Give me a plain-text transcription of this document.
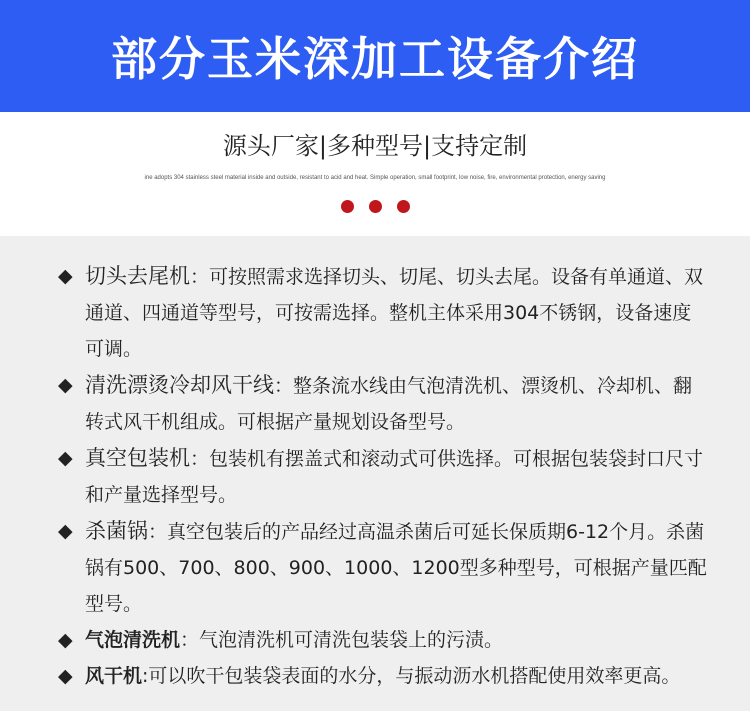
部分玉米深加工设备介绍
源头厂家|多种型号|支持定制
ine adopts 304 stainless steel material inside and outside, resistant to acid and heat. Simple operation, small footprint, low noise, fire, environmental protection, energy saving
◆ 切头去尾机：可按照需求选择切头、切尾、切头去尾。设备有单通道、双通道、四通道等型号，可按需选择。整机主体采用304不锈钢，设备速度可调。
◆ 清洗漂烫冷却风干线：整条流水线由气泡清洗机、漂烫机、冷却机、翻转式风干机组成。可根据产量规划设备型号。
◆ 真空包装机：包装机有摆盖式和滚动式可供选择。可根据包装袋封口尺寸和产量选择型号。
◆ 杀菌锅：真空包装后的产品经过高温杀菌后可延长保质期6-12个月。杀菌锅有500、700、800、900、1000、1200型多种型号，可根据产量匹配型号。
◆ 气泡清洗机：气泡清洗机可清洗包装袋上的污渍。
◆ 风干机:可以吹干包装袋表面的水分，与振动沥水机搭配使用效率更高。
